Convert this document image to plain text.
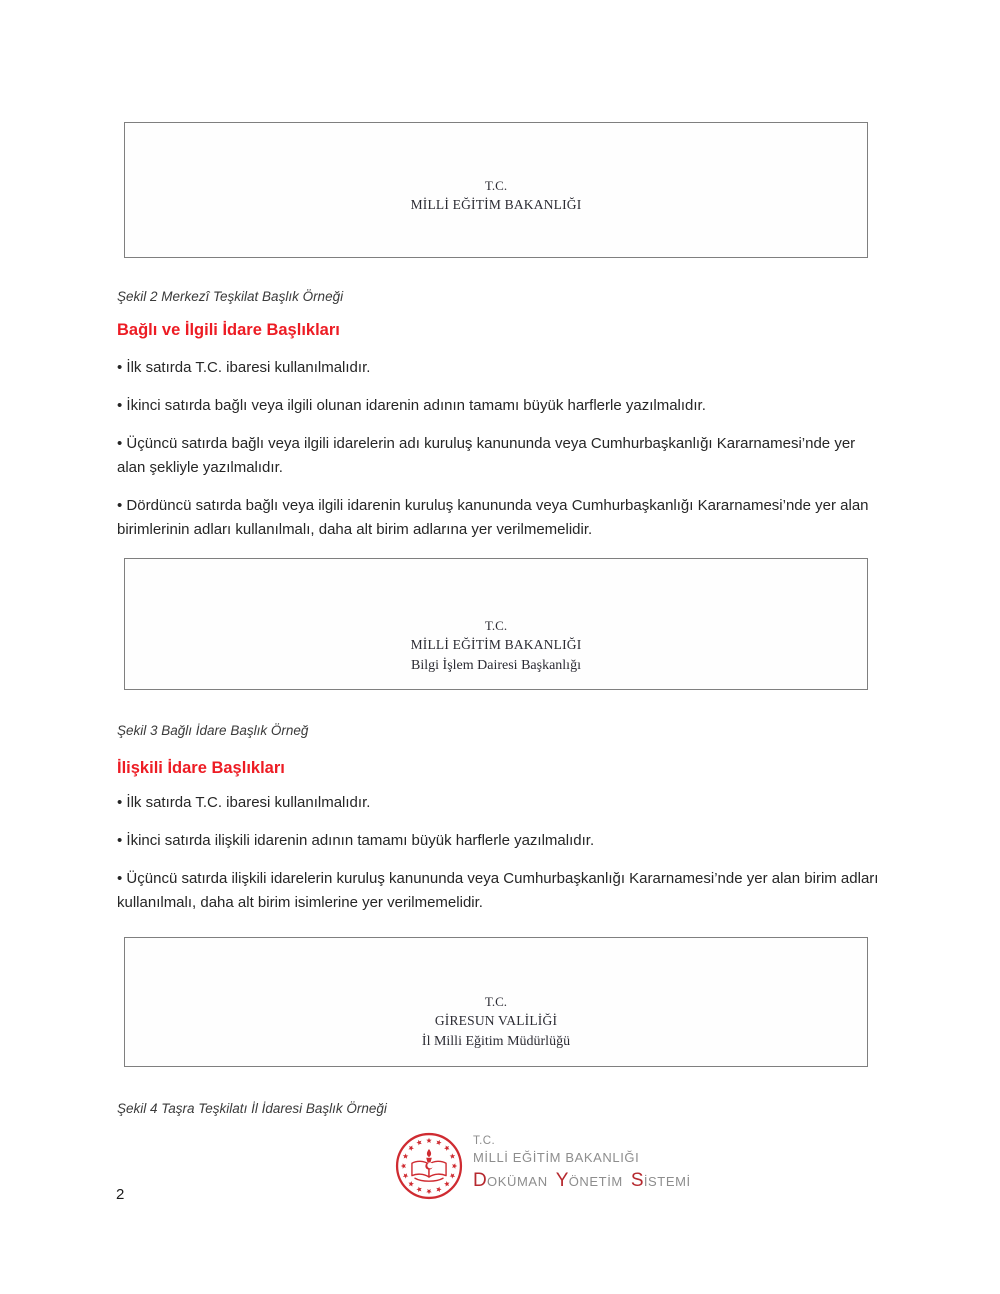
T.C.
MİLLİ EĞİTİM BAKANLIĞI
Şekil 2 Merkezî Teşkilat Başlık Örneği
Bağlı ve İlgili İdare Başlıkları

• İlk satırda T.C. ibaresi kullanılmalıdır.

• İkinci satırda bağlı veya ilgili olunan idarenin adının tamamı büyük harflerle yazılmalıdır.

• Üçüncü satırda bağlı veya ilgili idarelerin adı kuruluş kanununda veya Cumhurbaşkanlığı Kararnamesi’nde yer alan şekliyle yazılmalıdır.

• Dördüncü satırda bağlı veya ilgili idarenin kuruluş kanununda veya Cumhurbaşkanlığı Kararnamesi’nde yer alan birimlerinin adları kullanılmalı, daha alt birim adlarına yer verilmemelidir.

T.C.
MİLLİ EĞİTİM BAKANLIĞI
Bilgi İşlem Dairesi Başkanlığı
Şekil 3 Bağlı İdare Başlık Örneğ
İlişkili İdare Başlıkları

• İlk satırda T.C. ibaresi kullanılmalıdır.

• İkinci satırda ilişkili idarenin adının tamamı büyük harflerle yazılmalıdır.

• Üçüncü satırda ilişkili idarelerin kuruluş kanununda veya Cumhurbaşkanlığı Kararnamesi’nde yer alan birim adları kullanılmalı, daha alt birim isimlerine yer verilmemelidir.

T.C.
GİRESUN VALİLİĞİ
İl Milli Eğitim Müdürlüğü
Şekil 4 Taşra Teşkilatı İl İdaresi Başlık Örneği
T.C.
MİLLİ EĞİTİM BAKANLIĞI
D OKÜMAN Y ÖNETİM S İSTEMİ
2
